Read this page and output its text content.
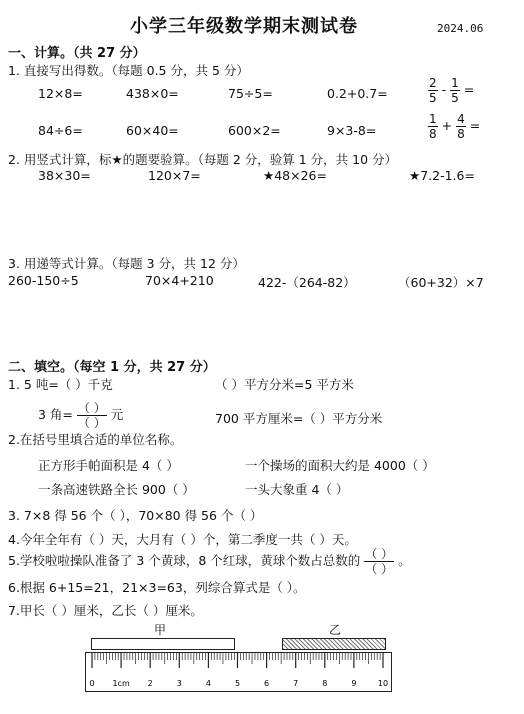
小学三年级数学期末测试卷	2024.06
一、计算。（共 27 分）
1. 直接写出得数。（每题 0.5 分，共 5 分）
12×8=	438×0=	75÷5=	0.2+0.7=	$\frac{2}{5} - \frac{1}{5}$ =
84÷6=	60×40=	600×2=	9×3-8=	$\frac{1}{8} + \frac{4}{8}$ =
2. 用竖式计算，标★的题要验算。（每题 2 分，验算 1 分，共 10 分）
38×30=	120×7=	★48×26=	★7.2-1.6=
3. 用递等式计算。（每题 3 分，共 12 分）
260-150÷5	70×4+210	422-（264-82）	（60+32）×7
二、填空。（每空 1 分，共 27 分）
1. 5 吨=（ ）千克	（ ）平方分米=5 平方米
3 角= $\frac{( )}{( )}$ 元	700 平方厘米=（ ）平方分米
2.在括号里填合适的单位名称。
正方形手帕面积是 4（ ）	一个操场的面积大约是 4000（ ）
一条高速铁路全长 900（ ）	一头大象重 4（ ）
3. 7×8 得 56 个（ ），70×80 得 56 个（ ）
4.今年全年有（ ）天，大月有（ ）个，第二季度一共（ ）天。
5.学校啦啦操队准备了 3 个黄球，8 个红球，黄球个数占总数的 $\frac{( )}{( )}$ 。
6.根据 6+15=21，21×3=63，列综合算式是（ ）。
7.甲长（ ）厘米，乙长（ ）厘米。
甲	乙
0 1cm 2	3	4	5	6	7	8	9	10
